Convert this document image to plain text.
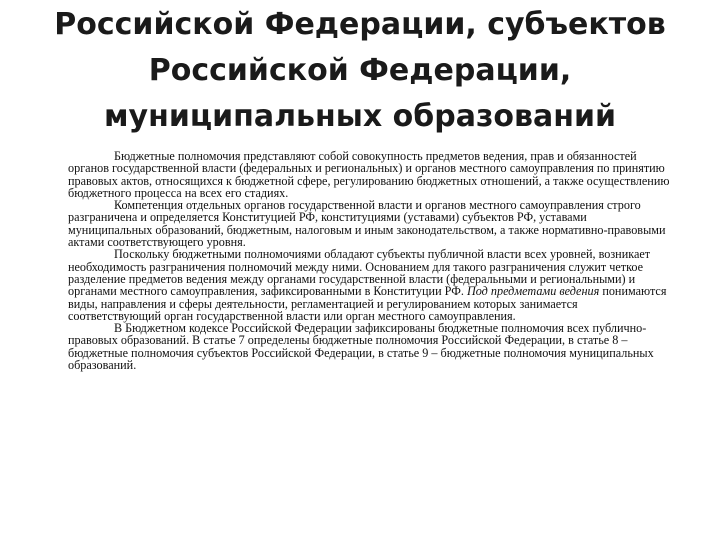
Российской Федерации, субъектов
Российской Федерации,
муниципальных образований

Бюджетные полномочия представляют собой совокупность предметов ведения, прав и обязанностей органов государственной власти (федеральных и региональных) и органов местного самоуправления по принятию правовых актов, относящихся к бюджетной сфере, регулированию бюджетных отношений, а также осуществлению бюджетного процесса на всех его стадиях.

Компетенция отдельных органов государственной власти и органов местного самоуправления строго разграничена и определяется Конституцией РФ, конституциями (уставами) субъектов РФ, уставами муниципальных образований, бюджетным, налоговым и иным законодательством, а также нормативно-правовыми актами соответствующего уровня.

Поскольку бюджетными полномочиями обладают субъекты публичной власти всех уровней, возникает необходимость разграничения полномочий между ними. Основанием для такого разграничения служит четкое разделение предметов ведения между органами государственной власти (федеральными и региональными) и органами местного самоуправления, зафиксированными в Конституции РФ. Под предметами ведения понимаются виды, направления и сферы деятельности, регламентацией и регулированием которых занимается соответствующий орган государственной власти или орган местного самоуправления.

В Бюджетном кодексе Российской Федерации зафиксированы бюджетные полномочия всех публично-правовых образований. В статье 7 определены бюджетные полномочия Российской Федерации, в статье 8 – бюджетные полномочия субъектов Российской Федерации, в статье 9 – бюджетные полномочия муниципальных образований.
